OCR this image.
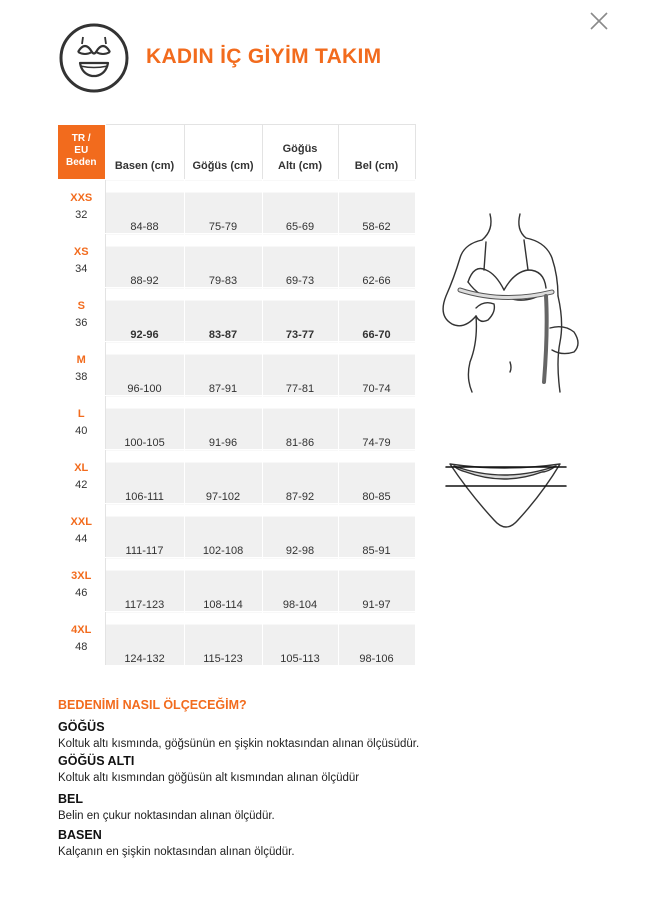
KADIN İÇ GİYİM TAKIM
TR /
EU
Beden	Basen (cm)	Göğüs (cm)	Göğüs Altı (cm)	Bel (cm)

XXS
32	84-88	75-79	65-69	58-62

XS
34	88-92	79-83	69-73	62-66

S
36	92-96	83-87	73-77	66-70

M
38	96-100	87-91	77-81	70-74

L
40	100-105	91-96	81-86	74-79

XL
42	106-111	97-102	87-92	80-85

XXL
44	111-117	102-108	92-98	85-91

3XL
46	117-123	108-114	98-104	91-97

4XL
48	124-132	115-123	105-113	98-106
BEDENİMİ NASIL ÖLÇECEĞİM?
GÖĞÜS
Koltuk altı kısmında, göğsünün en şişkin noktasından alınan ölçüsüdür.
GÖĞÜS ALTI
Koltuk altı kısmından göğüsün alt kısmından alınan ölçüdür
BEL
Belin en çukur noktasından alınan ölçüdür.
BASEN
Kalçanın en şişkin noktasından alınan ölçüdür.
